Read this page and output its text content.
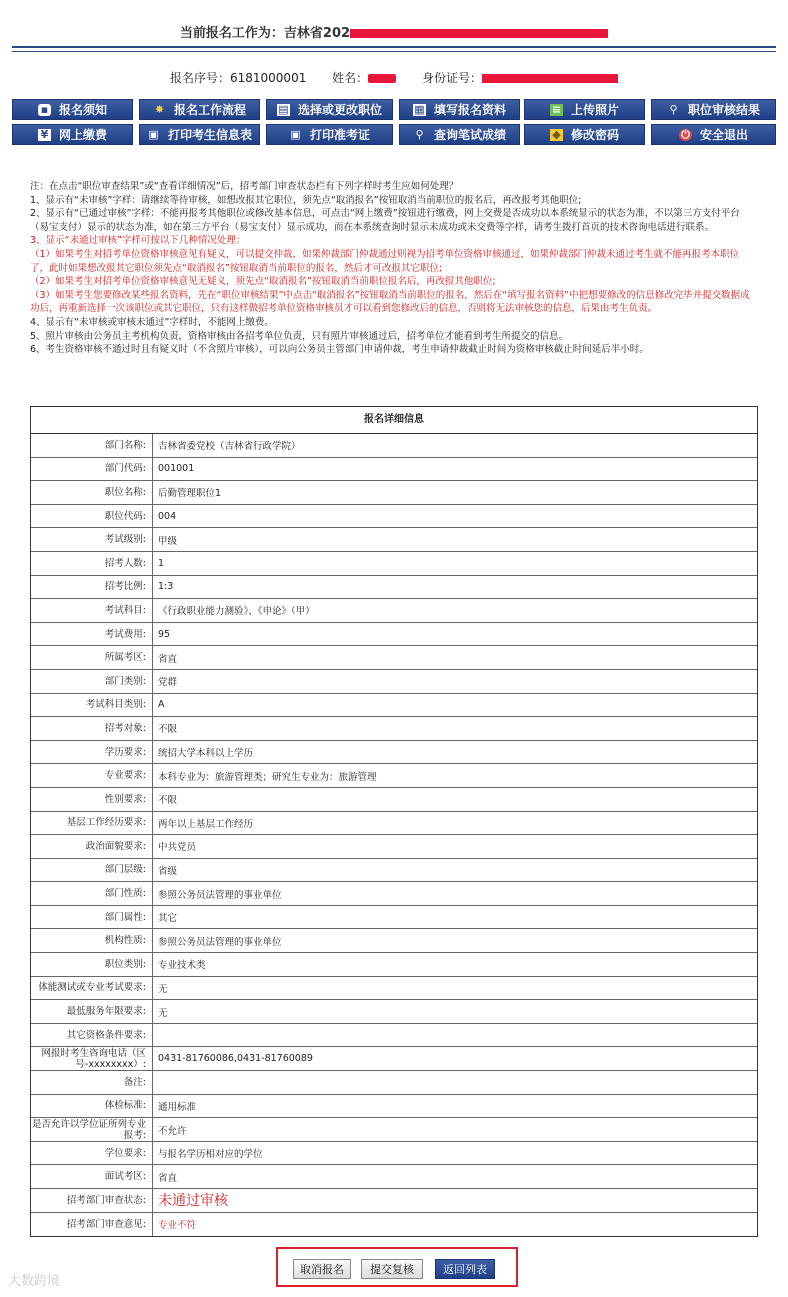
当前报名工作为：吉林省202
报名序号：6181000001 姓名：	身份证号：
▪ 报名须知	✸ 报名工作流程	▤ 选择或更改职位	▦ 填写报名资料	≡ 上传照片	⚲ 职位审核结果
¥ 网上缴费	▣ 打印考生信息表	▣ 打印准考证	⚲ 查询笔试成绩	◆ 修改密码	⏻ 安全退出

注：在点击“职位审查结果”或“查看详细情况”后，招考部门审查状态栏有下列字样时考生应如何处理？

1、显示有“未审核”字样：请继续等待审核，如想改报其它职位，须先点“取消报名”按钮取消当前职位的报名后，再改报考其他职位;

2、显示有“已通过审核”字样：不能再报考其他职位或修改基本信息，可点击“网上缴费”按钮进行缴费，网上交费是否成功以本系统显示的状态为准，不以第三方支付平台（易宝支付）显示的状态为准，如在第三方平台（易宝支付）显示成功，而在本系统查询时显示未成功或未交费等字样，请考生拨打首页的技术咨询电话进行联系。

3、显示“未通过审核”字样可按以下几种情况处理：

（1）如果考生对招考单位资格审核意见有疑义，可以提交仲裁，如果仲裁部门仲裁通过则视为招考单位资格审核通过，如果仲裁部门仲裁未通过考生就不能再报考本职位了，此时如果想改报其它职位须先点“取消报名”按钮取消当前职位的报名，然后才可改报其它职位;

（2）如果考生对招考单位资格审核意见无疑义，须先点“取消报名”按钮取消当前职位报名后，再改报其他职位;

（3）如果考生您要修改某些报名资料，先在“职位审核结果”中点击“取消报名”按钮取消当前职位的报名，然后在“填写报名资料”中把想要修改的信息修改完毕并提交数据成功后，再重新选择一次该职位或其它职位，只有这样做招考单位资格审核员才可以看到您修改后的信息，否则将无法审核您的信息，后果由考生负责。

4、显示有“未审核或审核未通过”字样时，不能网上缴费。

5、照片审核由公务员主考机构负责，资格审核由各招考单位负责，只有照片审核通过后，招考单位才能看到考生所提交的信息。

6、考生资格审核不通过时且有疑义时（不含照片审核），可以向公务员主管部门申请仲裁，考生申请仲裁截止时间为资格审核截止时间延后半小时。

报名详细信息
部门名称:	吉林省委党校（吉林省行政学院）
部门代码:	001001
职位名称:	后勤管理职位1
职位代码:	004
考试级别:	甲级
招考人数:	1
招考比例:	1:3
考试科目:	《行政职业能力测验》、《申论》（甲）
考试费用:	95
所属考区:	省直
部门类别:	党群
考试科目类别:	A
招考对象:	不限
学历要求:	统招大学本科以上学历
专业要求:	本科专业为：旅游管理类；研究生专业为：旅游管理
性别要求:	不限
基层工作经历要求:	两年以上基层工作经历
政治面貌要求:	中共党员
部门层级:	省级
部门性质:	参照公务员法管理的事业单位
部门属性:	其它
机构性质:	参照公务员法管理的事业单位
职位类别:	专业技术类
体能测试或专业考试要求:	无
最低服务年限要求:	无
其它资格条件要求:
网报时考生咨询电话（区号-xxxxxxxx）:	0431-81760086,0431-81760089
备注:
体检标准:	通用标准
是否允许以学位证所列专业报考:	不允许
学位要求:	与报名学历相对应的学位
面试考区:	省直
招考部门审查状态: 未通过审核
招考部门审查意见:	专业不符
取消报名	提交复核	返回列表
大数跨境
